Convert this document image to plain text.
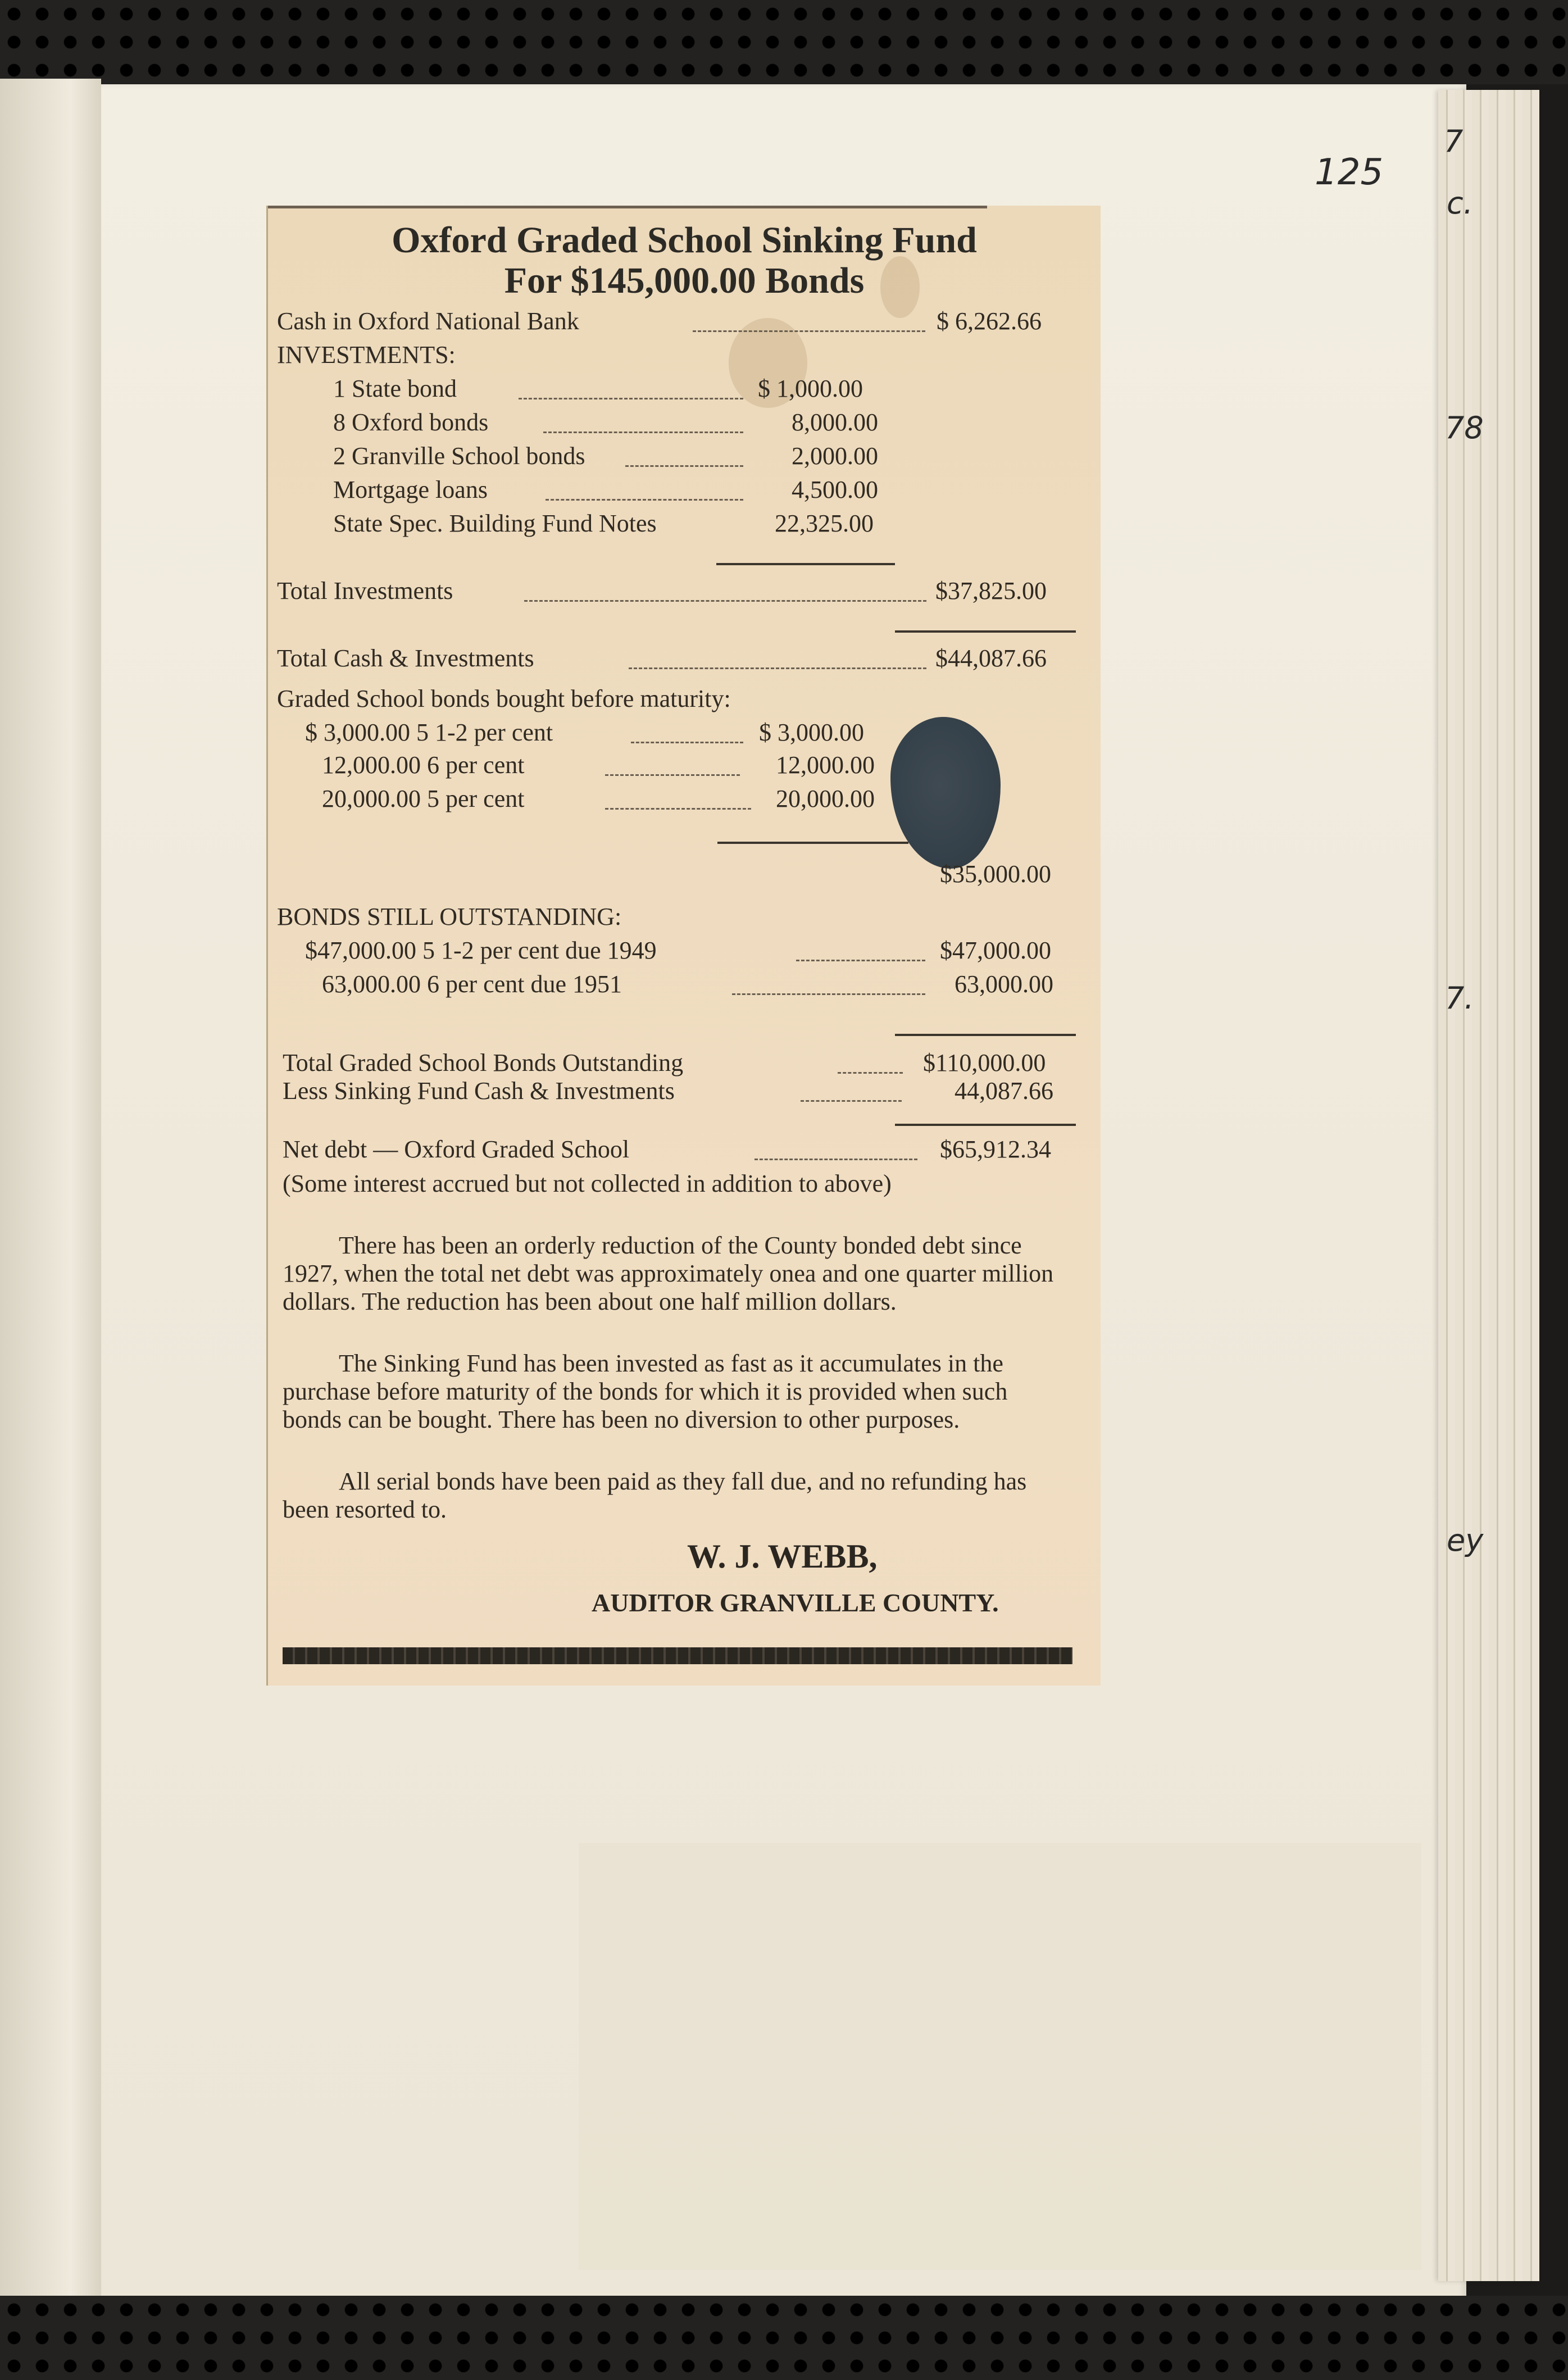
125
7
c.
78
7.
ey
Oxford Graded School Sinking Fund
For $145,000.00 Bonds
Cash in Oxford National Bank	$ 6,262.66
INVESTMENTS:
1 State bond	$ 1,000.00
8 Oxford bonds	8,000.00
2 Granville School bonds	2,000.00
Mortgage loans	4,500.00
State Spec. Building Fund Notes	22,325.00
Total Investments	$37,825.00
Total Cash & Investments	$44,087.66
Graded School bonds bought before maturity:
$ 3,000.00 5 1-2 per cent	$ 3,000.00
12,000.00 6 per cent	12,000.00
20,000.00 5 per cent	20,000.00
$35,000.00
BONDS STILL OUTSTANDING:
$47,000.00 5 1-2 per cent due 1949	$47,000.00
63,000.00 6 per cent due 1951	63,000.00
Total Graded School Bonds Outstanding	$110,000.00
Less Sinking Fund Cash & Investments	44,087.66
Net debt — Oxford Graded School	$65,912.34
(Some interest accrued but not collected in addition to above)
There has been an orderly reduction of the County bonded debt since 1927, when the total net debt was approximately onea and one quarter million dollars. The reduction has been about one half million dollars.
The Sinking Fund has been invested as fast as it accumulates in the purchase before maturity of the bonds for which it is provided when such bonds can be bought. There has been no diversion to other purposes.
All serial bonds have been paid as they fall due, and no refunding has been resorted to.
W. J. WEBB,
AUDITOR GRANVILLE COUNTY.
